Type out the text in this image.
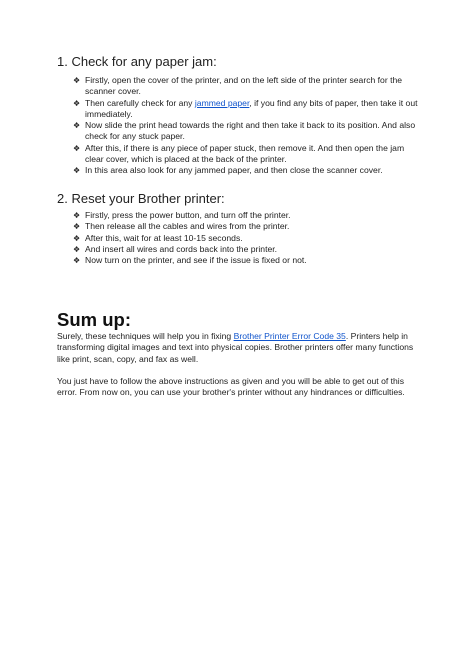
1. Check for any paper jam:
❖ Firstly, open the cover of the printer, and on the left side of the printer search for the scanner cover.
❖ Then carefully check for any jammed paper, if you find any bits of paper, then take it out immediately.
❖ Now slide the print head towards the right and then take it back to its position. And also check for any stuck paper.
❖ After this, if there is any piece of paper stuck, then remove it. And then open the jam clear cover, which is placed at the back of the printer.
❖ In this area also look for any jammed paper, and then close the scanner cover.
2. Reset your Brother printer:
❖ Firstly, press the power button, and turn off the printer.
❖ Then release all the cables and wires from the printer.
❖ After this, wait for at least 10-15 seconds.
❖ And insert all wires and cords back into the printer.
❖ Now turn on the printer, and see if the issue is fixed or not.
Sum up:

Surely, these techniques will help you in fixing Brother Printer Error Code 35. Printers help in transforming digital images and text into physical copies. Brother printers offer many functions like print, scan, copy, and fax as well.

You just have to follow the above instructions as given and you will be able to get out of this error. From now on, you can use your brother's printer without any hindrances or difficulties.
